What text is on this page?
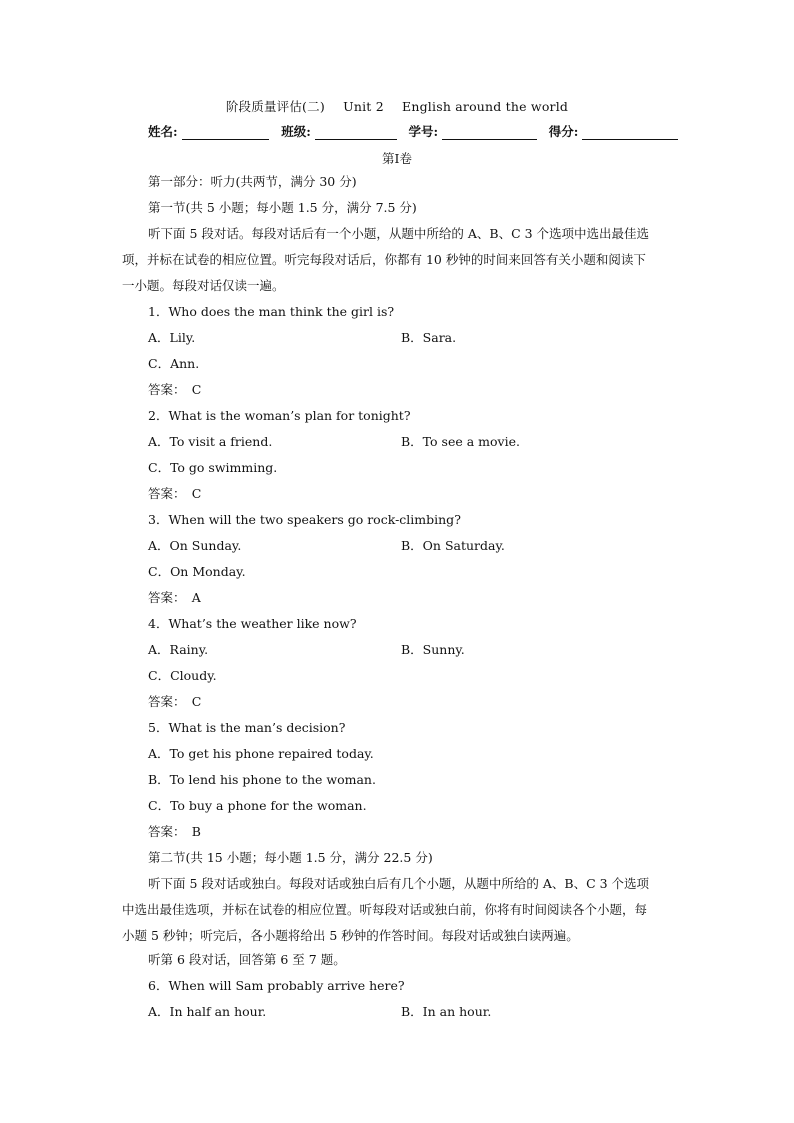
阶段质量评估(二) Unit 2 English around the world
姓名:	班级:	学号:	得分:
第Ⅰ卷
第一部分：听力(共两节，满分 30 分)
第一节(共 5 小题；每小题 1.5 分，满分 7.5 分)
听下面 5 段对话。每段对话后有一个小题，从题中所给的 A、B、C 3 个选项中选出最佳选
项，并标在试卷的相应位置。听完每段对话后，你都有 10 秒钟的时间来回答有关小题和阅读下
一小题。每段对话仅读一遍。
1．Who does the man think the girl is?
A．Lily.	B．Sara.
C．Ann.
答案：　C
2．What is the woman’s plan for tonight?
A．To visit a friend.	B．To see a movie.
C．To go swimming.
答案：　C
3．When will the two speakers go rock-climbing?
A．On Sunday.	B．On Saturday.
C．On Monday.
答案：　A
4．What’s the weather like now?
A．Rainy.	B．Sunny.
C．Cloudy.
答案：　C
5．What is the man’s decision?
A．To get his phone repaired today.
B．To lend his phone to the woman.
C．To buy a phone for the woman.
答案：　B
第二节(共 15 小题；每小题 1.5 分，满分 22.5 分)
听下面 5 段对话或独白。每段对话或独白后有几个小题，从题中所给的 A、B、C 3 个选项
中选出最佳选项，并标在试卷的相应位置。听每段对话或独白前，你将有时间阅读各个小题，每
小题 5 秒钟；听完后，各小题将给出 5 秒钟的作答时间。每段对话或独白读两遍。
听第 6 段对话，回答第 6 至 7 题。
6．When will Sam probably arrive here?
A．In half an hour.	B．In an hour.
